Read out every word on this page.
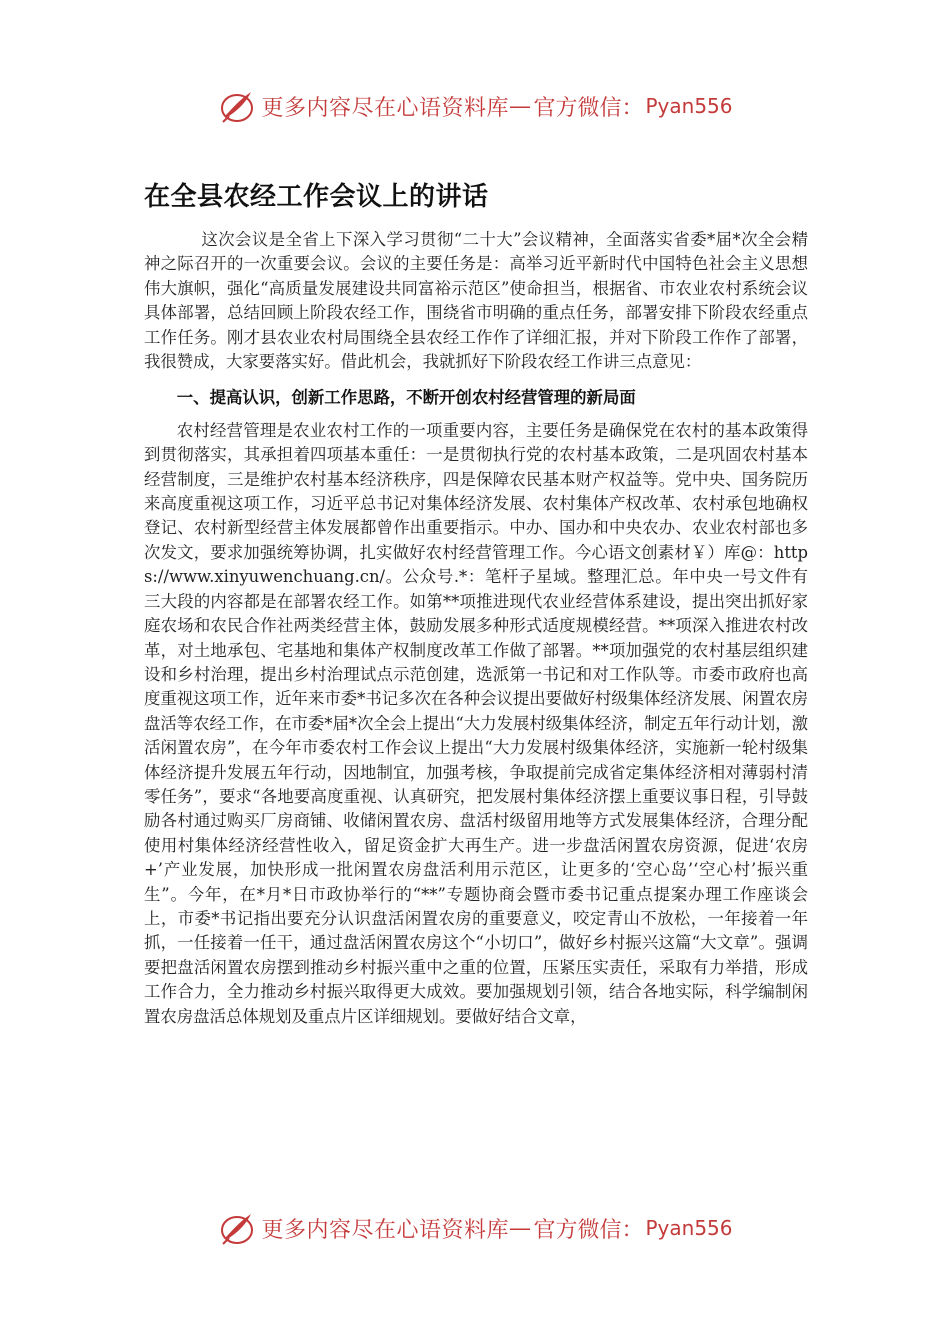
更多内容尽在心语资料库 — 官方微信： Pyan556
在全县农经工作会议上的讲话

这次会议是全省上下深入学习贯彻“二十大”会议精神，全面落实省委*届*次全会精神之际召开的一次重要会议。会议的主要任务是：高举习近平新时代中国特色社会主义思想伟大旗帜，强化“高质量发展建设共同富裕示范区”使命担当，根据省、市农业农村系统会议具体部署，总结回顾上阶段农经工作，围绕省市明确的重点任务，部署安排下阶段农经重点工作任务。刚才县农业农村局围绕全县农经工作作了详细汇报，并对下阶段工作作了部署，我很赞成，大家要落实好。借此机会，我就抓好下阶段农经工作讲三点意见：

一、提高认识，创新工作思路，不断开创农村经营管理的新局面

农村经营管理是农业农村工作的一项重要内容，主要任务是确保党在农村的基本政策得到贯彻落实，其承担着四项基本重任：一是贯彻执行党的农村基本政策，二是巩固农村基本经营制度，三是维护农村基本经济秩序，四是保障农民基本财产权益等。党中央、国务院历来高度重视这项工作，习近平总书记对集体经济发展、农村集体产权改革、农村承包地确权登记、农村新型经营主体发展都曾作出重要指示。中办、国办和中央农办、农业农村部也多次发文，要求加强统筹协调，扎实做好农村经营管理工作。今心语文创素材￥）库@：https://www.xinyuwenchuang.cn/。公众号.*：笔杆子星域。整理汇总。年中央一号文件有三大段的内容都是在部署农经工作。如第**项推进现代农业经营体系建设，提出突出抓好家庭农场和农民合作社两类经营主体，鼓励发展多种形式适度规模经营。**项深入推进农村改革，对土地承包、宅基地和集体产权制度改革工作做了部署。**项加强党的农村基层组织建设和乡村治理，提出乡村治理试点示范创建，选派第一书记和对工作队等。市委市政府也高度重视这项工作，近年来市委*书记多次在各种会议提出要做好村级集体经济发展、闲置农房盘活等农经工作，在市委*届*次全会上提出“大力发展村级集体经济，制定五年行动计划，激活闲置农房”，在今年市委农村工作会议上提出“大力发展村级集体经济，实施新一轮村级集体经济提升发展五年行动，因地制宜，加强考核，争取提前完成省定集体经济相对薄弱村清零任务”，要求“各地要高度重视、认真研究，把发展村集体经济摆上重要议事日程，引导鼓励各村通过购买厂房商铺、收储闲置农房、盘活村级留用地等方式发展集体经济，合理分配使用村集体经济经营性收入，留足资金扩大再生产。进一步盘活闲置农房资源，促进‘农房+’产业发展，加快形成一批闲置农房盘活利用示范区，让更多的‘空心岛’‘空心村’振兴重生”。今年，在*月*日市政协举行的“**”专题协商会暨市委书记重点提案办理工作座谈会上，市委*书记指出要充分认识盘活闲置农房的重要意义，咬定青山不放松，一年接着一年抓，一任接着一任干，通过盘活闲置农房这个“小切口”，做好乡村振兴这篇“大文章”。强调要把盘活闲置农房摆到推动乡村振兴重中之重的位置，压紧压实责任，采取有力举措，形成工作合力，全力推动乡村振兴取得更大成效。要加强规划引领，结合各地实际，科学编制闲置农房盘活总体规划及重点片区详细规划。要做好结合文章，

更多内容尽在心语资料库 — 官方微信： Pyan556
